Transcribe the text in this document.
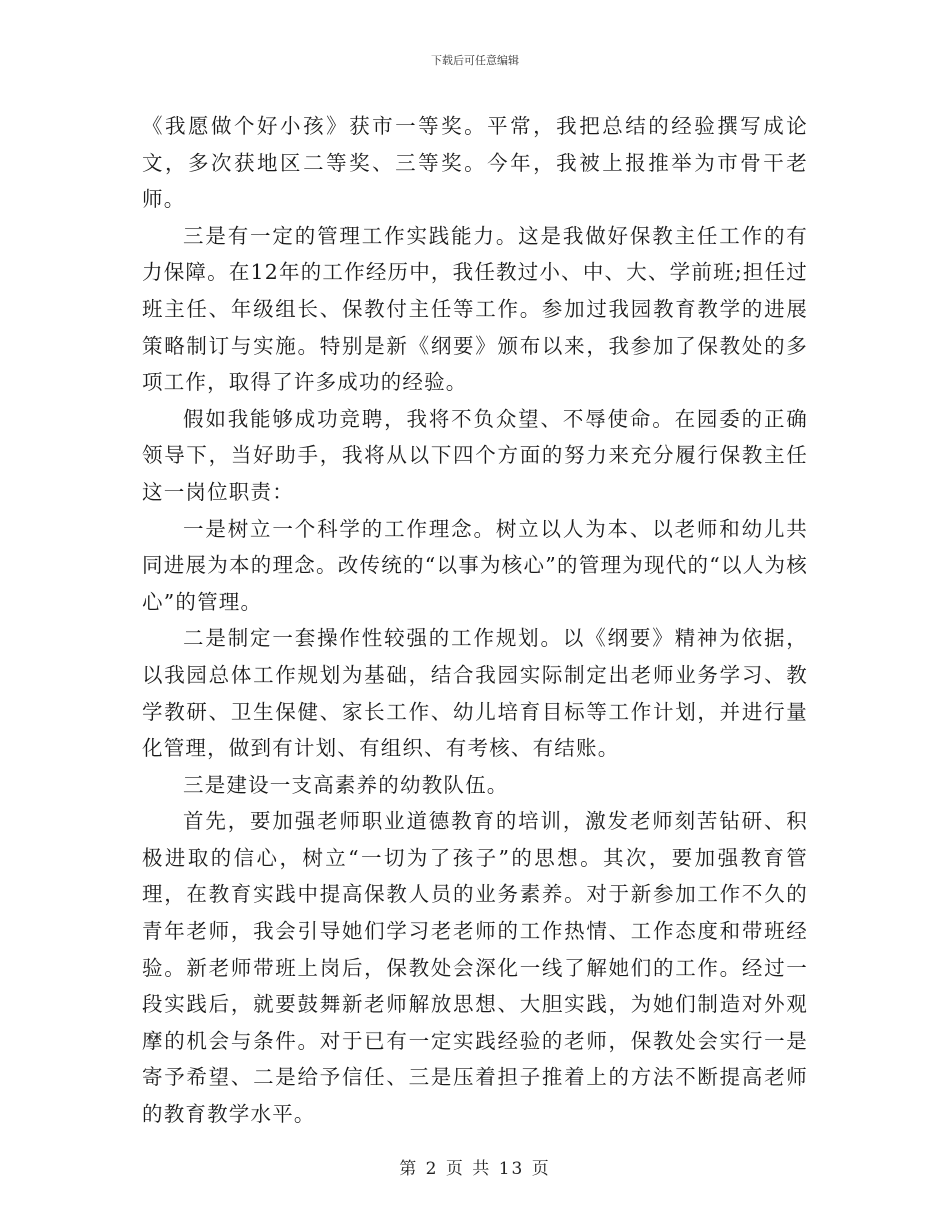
下载后可任意编辑

《我愿做个好小孩》获市一等奖。平常，我把总结的经验撰写成论文，多次获地区二等奖、三等奖。今年，我被上报推举为市骨干老师。

三是有一定的管理工作实践能力。这是我做好保教主任工作的有力保障。在12年的工作经历中，我任教过小、中、大、学前班;担任过班主任、年级组长、保教付主任等工作。参加过我园教育教学的进展策略制订与实施。特别是新《纲要》颁布以来，我参加了保教处的多项工作，取得了许多成功的经验。

假如我能够成功竞聘，我将不负众望、不辱使命。在园委的正确领导下，当好助手，我将从以下四个方面的努力来充分履行保教主任这一岗位职责：

一是树立一个科学的工作理念。树立以人为本、以老师和幼儿共同进展为本的理念。改传统的“以事为核心”的管理为现代的“以人为核心”的管理。

二是制定一套操作性较强的工作规划。以《纲要》精神为依据，以我园总体工作规划为基础，结合我园实际制定出老师业务学习、教学教研、卫生保健、家长工作、幼儿培育目标等工作计划，并进行量化管理，做到有计划、有组织、有考核、有结账。

三是建设一支高素养的幼教队伍。

首先，要加强老师职业道德教育的培训，激发老师刻苦钻研、积极进取的信心，树立“一切为了孩子”的思想。其次，要加强教育管理，在教育实践中提高保教人员的业务素养。对于新参加工作不久的青年老师，我会引导她们学习老老师的工作热情、工作态度和带班经验。新老师带班上岗后，保教处会深化一线了解她们的工作。经过一段实践后，就要鼓舞新老师解放思想、大胆实践，为她们制造对外观摩的机会与条件。对于已有一定实践经验的老师，保教处会实行一是寄予希望、二是给予信任、三是压着担子推着上的方法不断提高老师的教育教学水平。

第 2 页 共 13 页
